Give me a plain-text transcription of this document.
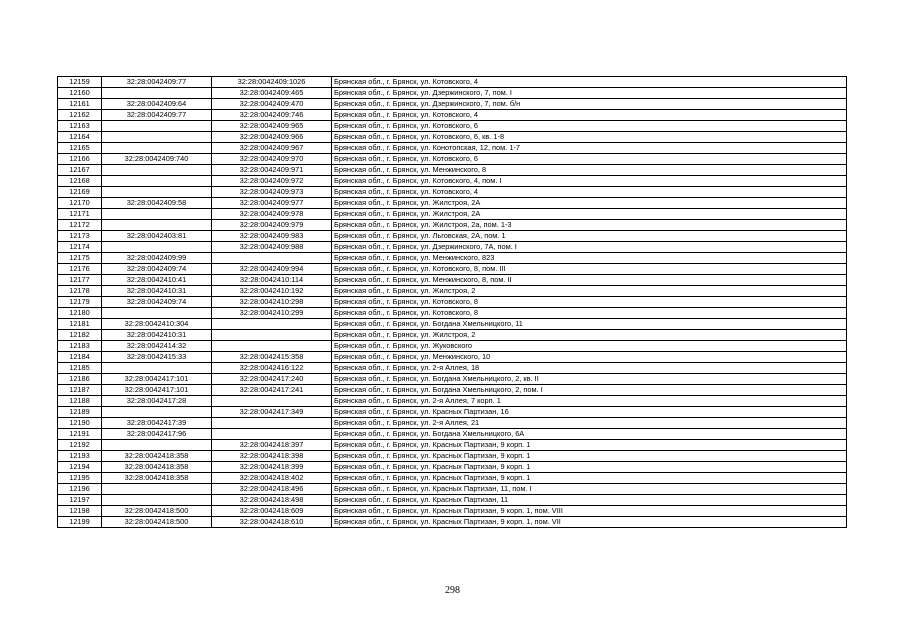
12159	32:28:0042409:77	32:28:0042409:1026	Брянская обл., г. Брянск, ул. Котовского, 4
12160		32:28:0042409:465	Брянская обл., г. Брянск, ул. Дзержинского, 7, пом. I
12161	32:28:0042409:64	32:28:0042409:470	Брянская обл., г. Брянск, ул. Дзержинского, 7, пом. б/н
12162	32:28:0042409:77	32:28:0042409:746	Брянская обл., г. Брянск, ул. Котовского, 4
12163		32:28:0042409:965	Брянская обл., г. Брянск, ул. Котовского, 6
12164		32:28:0042409:966	Брянская обл., г. Брянск, ул. Котовского, 6, кв. 1-8
12165		32:28:0042409:967	Брянская обл., г. Брянск, ул. Конотопская, 12, пом. 1-7
12166	32:28:0042409:740	32:28:0042409:970	Брянская обл., г. Брянск, ул. Котовского, 6
12167		32:28:0042409:971	Брянская обл., г. Брянск, ул. Менжинского, 8
12168		32:28:0042409:972	Брянская обл., г. Брянск, ул. Котовского, 4, пом. I
12169		32:28:0042409:973	Брянская обл., г. Брянск, ул. Котовского, 4
12170	32:28:0042409:58	32:28:0042409:977	Брянская обл., г. Брянск, ул. Жилстроя, 2А
12171		32:28:0042409:978	Брянская обл., г. Брянск, ул. Жилстроя, 2А
12172		32:28:0042409:979	Брянская обл., г. Брянск, ул. Жилстроя, 2а, пом. 1-3
12173	32:28:0042403:81	32:28:0042409:983	Брянская обл., г. Брянск, ул. Льговская, 2А, пом. 1
12174		32:28:0042409:988	Брянская обл., г. Брянск, ул. Дзержинского, 7А, пом. I
12175	32:28:0042409:99		Брянская обл., г. Брянск, ул. Менжинского, 823
12176	32:28:0042409:74	32:28:0042409:994	Брянская обл., г. Брянск, ул. Котовского, 8, пом. III
12177	32:28:0042410:41	32:28:0042410:114	Брянская обл., г. Брянск, ул. Менжинского, 8, пом. II
12178	32:28:0042410:31	32:28:0042410:192	Брянская обл., г. Брянск, ул. Жилстроя, 2
12179	32:28:0042409:74	32:28:0042410:298	Брянская обл., г. Брянск, ул. Котовского, 8
12180		32:28:0042410:299	Брянская обл., г. Брянск, ул. Котовского, 8
12181	32:28:0042410:304		Брянская обл., г. Брянск, ул. Богдана Хмельницкого, 11
12182	32:28:0042410:31		Брянская обл., г. Брянск, ул. Жилстроя, 2
12183	32:28:0042414:32		Брянская обл., г. Брянск, ул. Жуковского
12184	32:28:0042415:33	32:28:0042415:358	Брянская обл., г. Брянск, ул. Менжинского, 10
12185		32:28:0042416:122	Брянская обл., г. Брянск, ул. 2-я Аллея, 18
12186	32:28:0042417:101	32:28:0042417:240	Брянская обл., г. Брянск, ул. Богдана Хмельницкого, 2, кв. II
12187	32:28:0042417:101	32:28:0042417:241	Брянская обл., г. Брянск, ул. Богдана Хмельницкого, 2, пом. I
12188	32:28:0042417:28		Брянская обл., г. Брянск, ул. 2-я Аллея, 7 корп. 1
12189		32:28:0042417:349	Брянская обл., г. Брянск, ул. Красных Партизан, 16
12190	32:28:0042417:39		Брянская обл., г. Брянск, ул. 2-я Аллея, 21
12191	32:28:0042417:96		Брянская обл., г. Брянск, ул. Богдана Хмельницкого, 6А
12192		32:28:0042418:397	Брянская обл., г. Брянск, ул. Красных Партизан, 9 корп. 1
12193	32:28:0042418:358	32:28:0042418:398	Брянская обл., г. Брянск, ул. Красных Партизан, 9 корп. 1
12194	32:28:0042418:358	32:28:0042418:399	Брянская обл., г. Брянск, ул. Красных Партизан, 9 корп. 1
12195	32:28:0042418:358	32:28:0042418:402	Брянская обл., г. Брянск, ул. Красных Партизан, 9 корп. 1
12196		32:28:0042418:496	Брянская обл., г. Брянск, ул. Красных Партизан, 11, пом. I
12197		32:28:0042418:498	Брянская обл., г. Брянск, ул. Красных Партизан, 11
12198	32:28:0042418:500	32:28:0042418:609	Брянская обл., г. Брянск, ул. Красных Партизан, 9 корп. 1, пом. VIII
12199	32:28:0042418:500	32:28:0042418:610	Брянская обл., г. Брянск, ул. Красных Партизан, 9 корп. 1, пом. VII
298
